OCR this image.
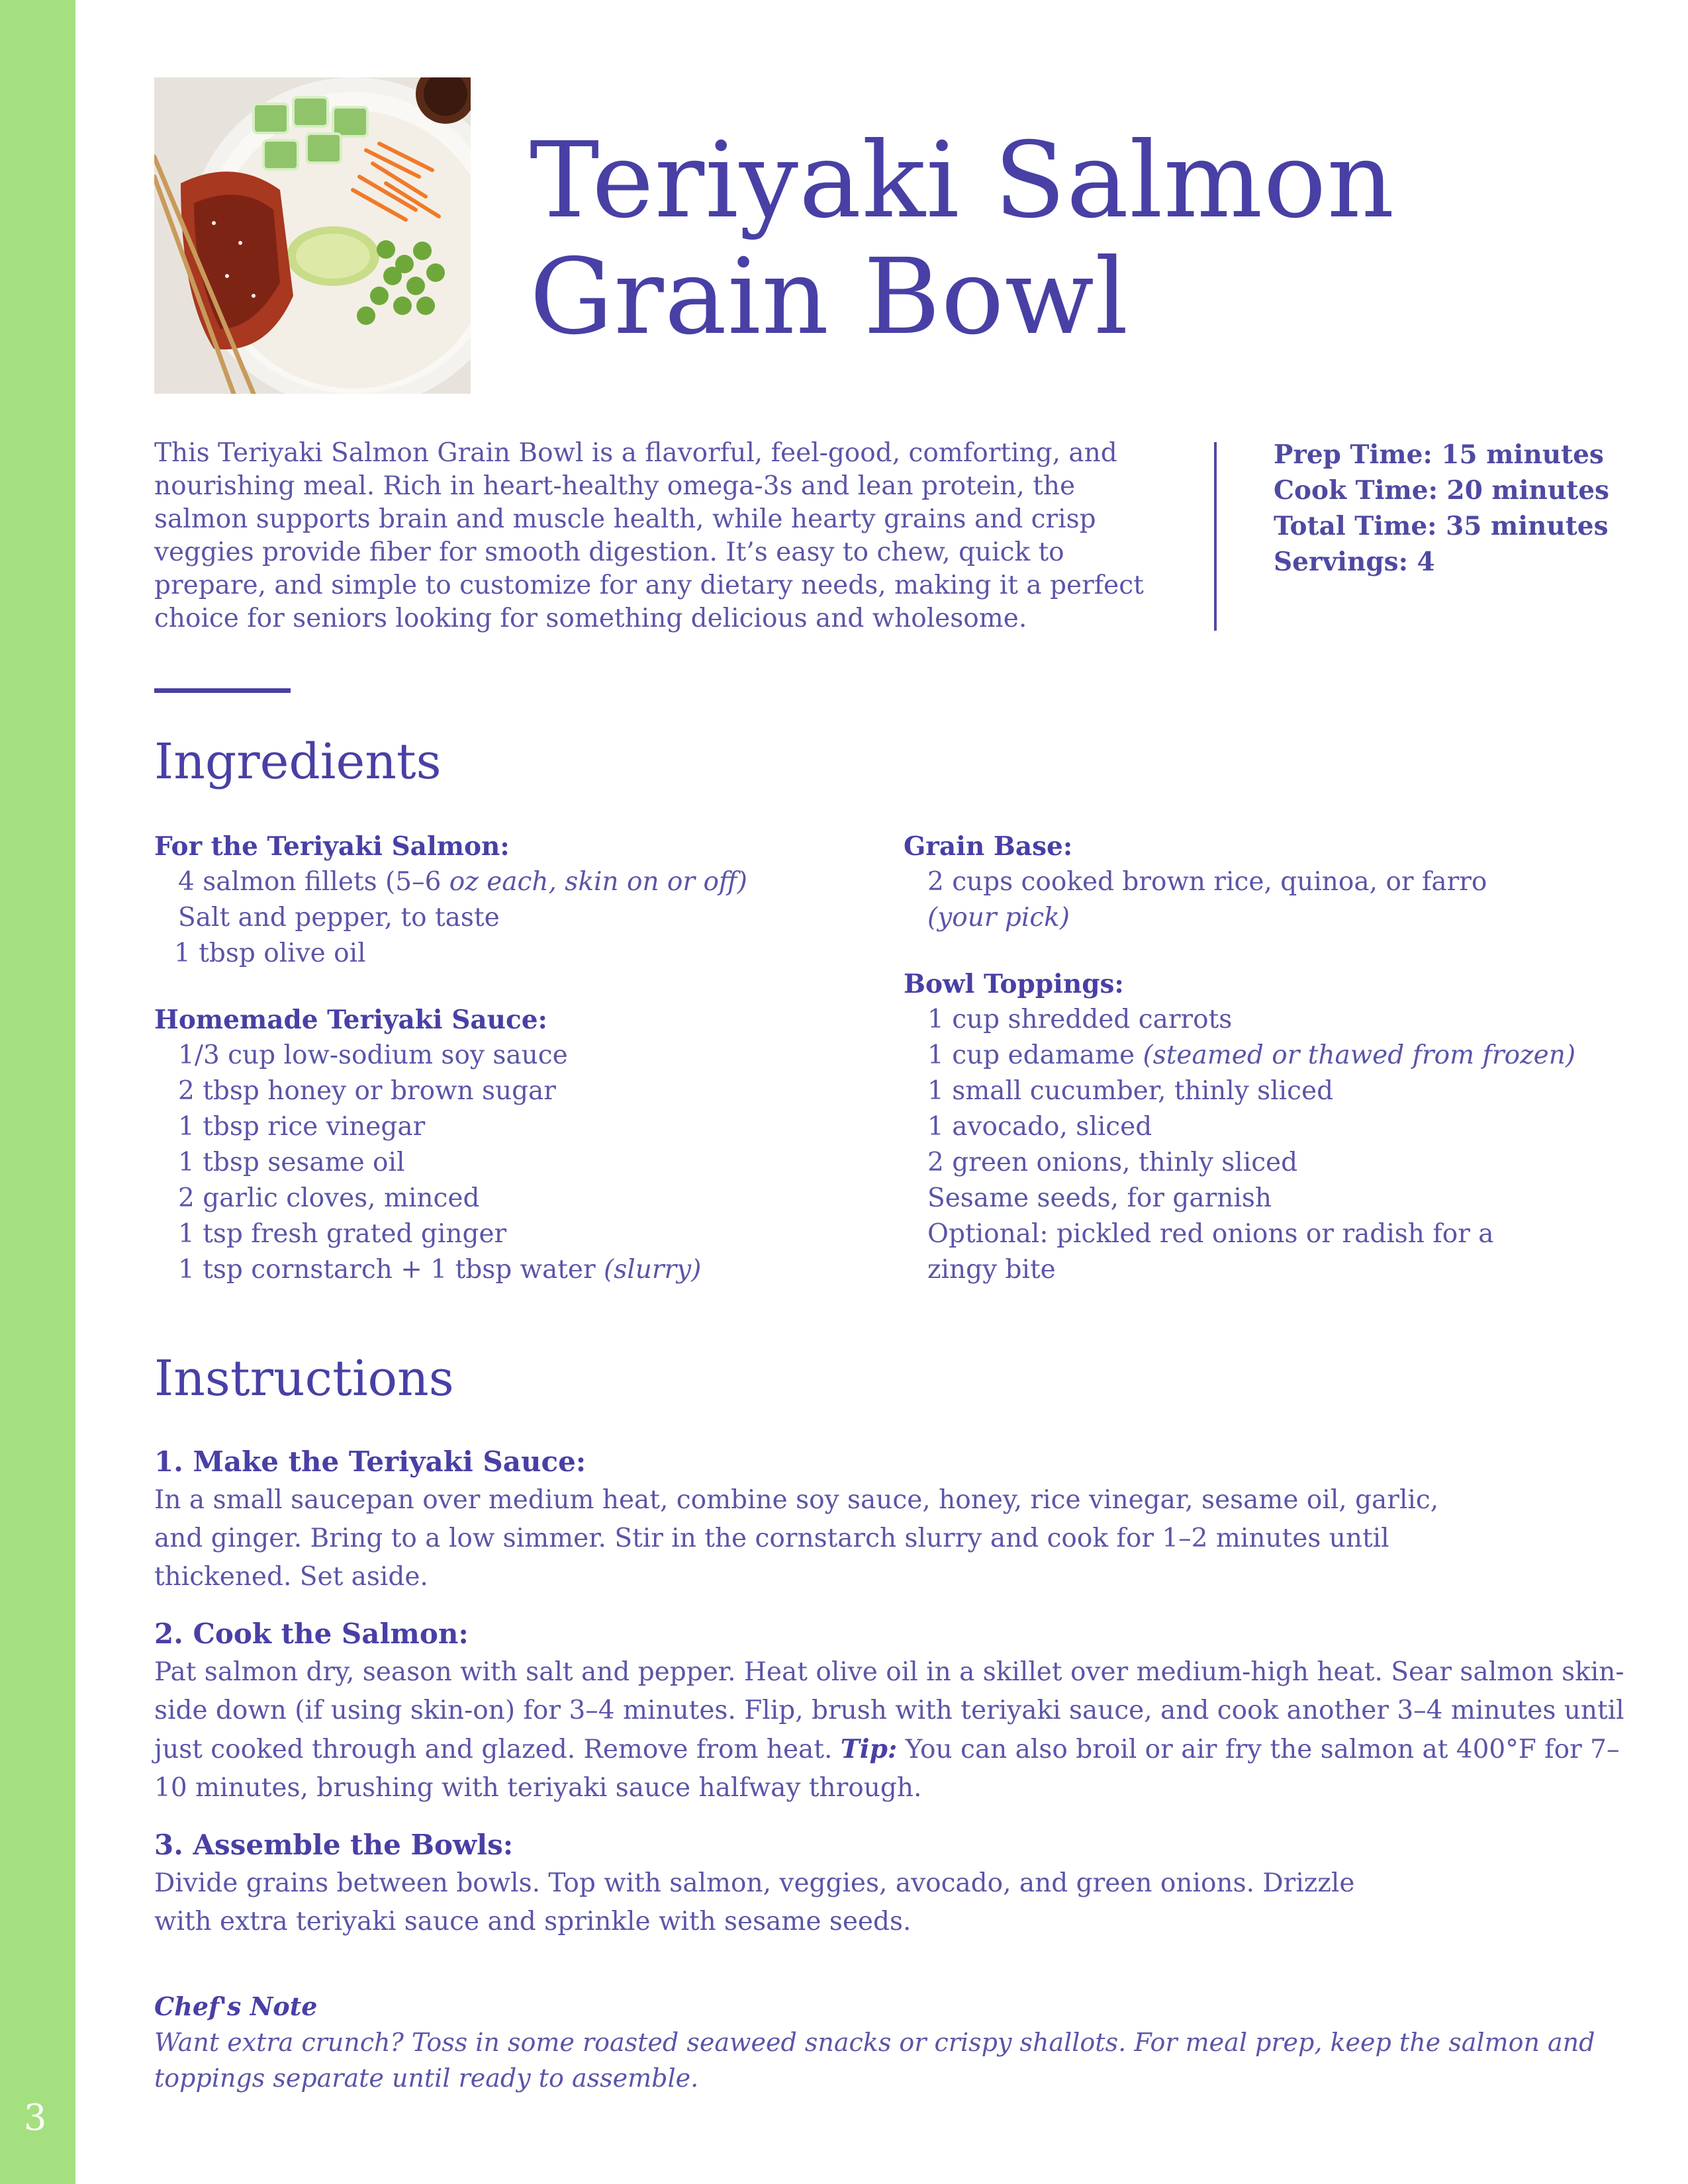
3
Teriyaki Salmon
Grain Bowl

This Teriyaki Salmon Grain Bowl is a flavorful, feel-good, comforting, and nourishing meal. Rich in heart-healthy omega-3s and lean protein, the salmon supports brain and muscle health, while hearty grains and crisp veggies provide fiber for smooth digestion. It’s easy to chew, quick to prepare, and simple to customize for any dietary needs, making it a perfect choice for seniors looking for something delicious and wholesome.

Prep Time: 15 minutes
Cook Time: 20 minutes
Total Time: 35 minutes
Servings: 4
Ingredients
For the Teriyaki Salmon:
4 salmon fillets (5–6 oz each, skin on or off)
Salt and pepper, to taste
1 tbsp olive oil
Homemade Teriyaki Sauce:
1/3 cup low-sodium soy sauce
2 tbsp honey or brown sugar
1 tbsp rice vinegar
1 tbsp sesame oil
2 garlic cloves, minced
1 tsp fresh grated ginger
1 tsp cornstarch + 1 tbsp water (slurry)
Grain Base:
2 cups cooked brown rice, quinoa, or farro
(your pick)
Bowl Toppings:
1 cup shredded carrots
1 cup edamame (steamed or thawed from frozen)
1 small cucumber, thinly sliced
1 avocado, sliced
2 green onions, thinly sliced
Sesame seeds, for garnish
Optional: pickled red onions or radish for a zingy bite
Instructions
1. Make the Teriyaki Sauce:

In a small saucepan over medium heat, combine soy sauce, honey, rice vinegar, sesame oil, garlic, and ginger. Bring to a low simmer. Stir in the cornstarch slurry and cook for 1–2 minutes until thickened. Set aside.

2. Cook the Salmon:

Pat salmon dry, season with salt and pepper. Heat olive oil in a skillet over medium-high heat. Sear salmon skin-side down (if using skin-on) for 3–4 minutes. Flip, brush with teriyaki sauce, and cook another 3–4 minutes until just cooked through and glazed. Remove from heat. Tip: You can also broil or air fry the salmon at 400°F for 7–10 minutes, brushing with teriyaki sauce halfway through.

3. Assemble the Bowls:

Divide grains between bowls. Top with salmon, veggies, avocado, and green onions. Drizzle with extra teriyaki sauce and sprinkle with sesame seeds.

Chef's Note

Want extra crunch? Toss in some roasted seaweed snacks or crispy shallots. For meal prep, keep the salmon and toppings separate until ready to assemble.
